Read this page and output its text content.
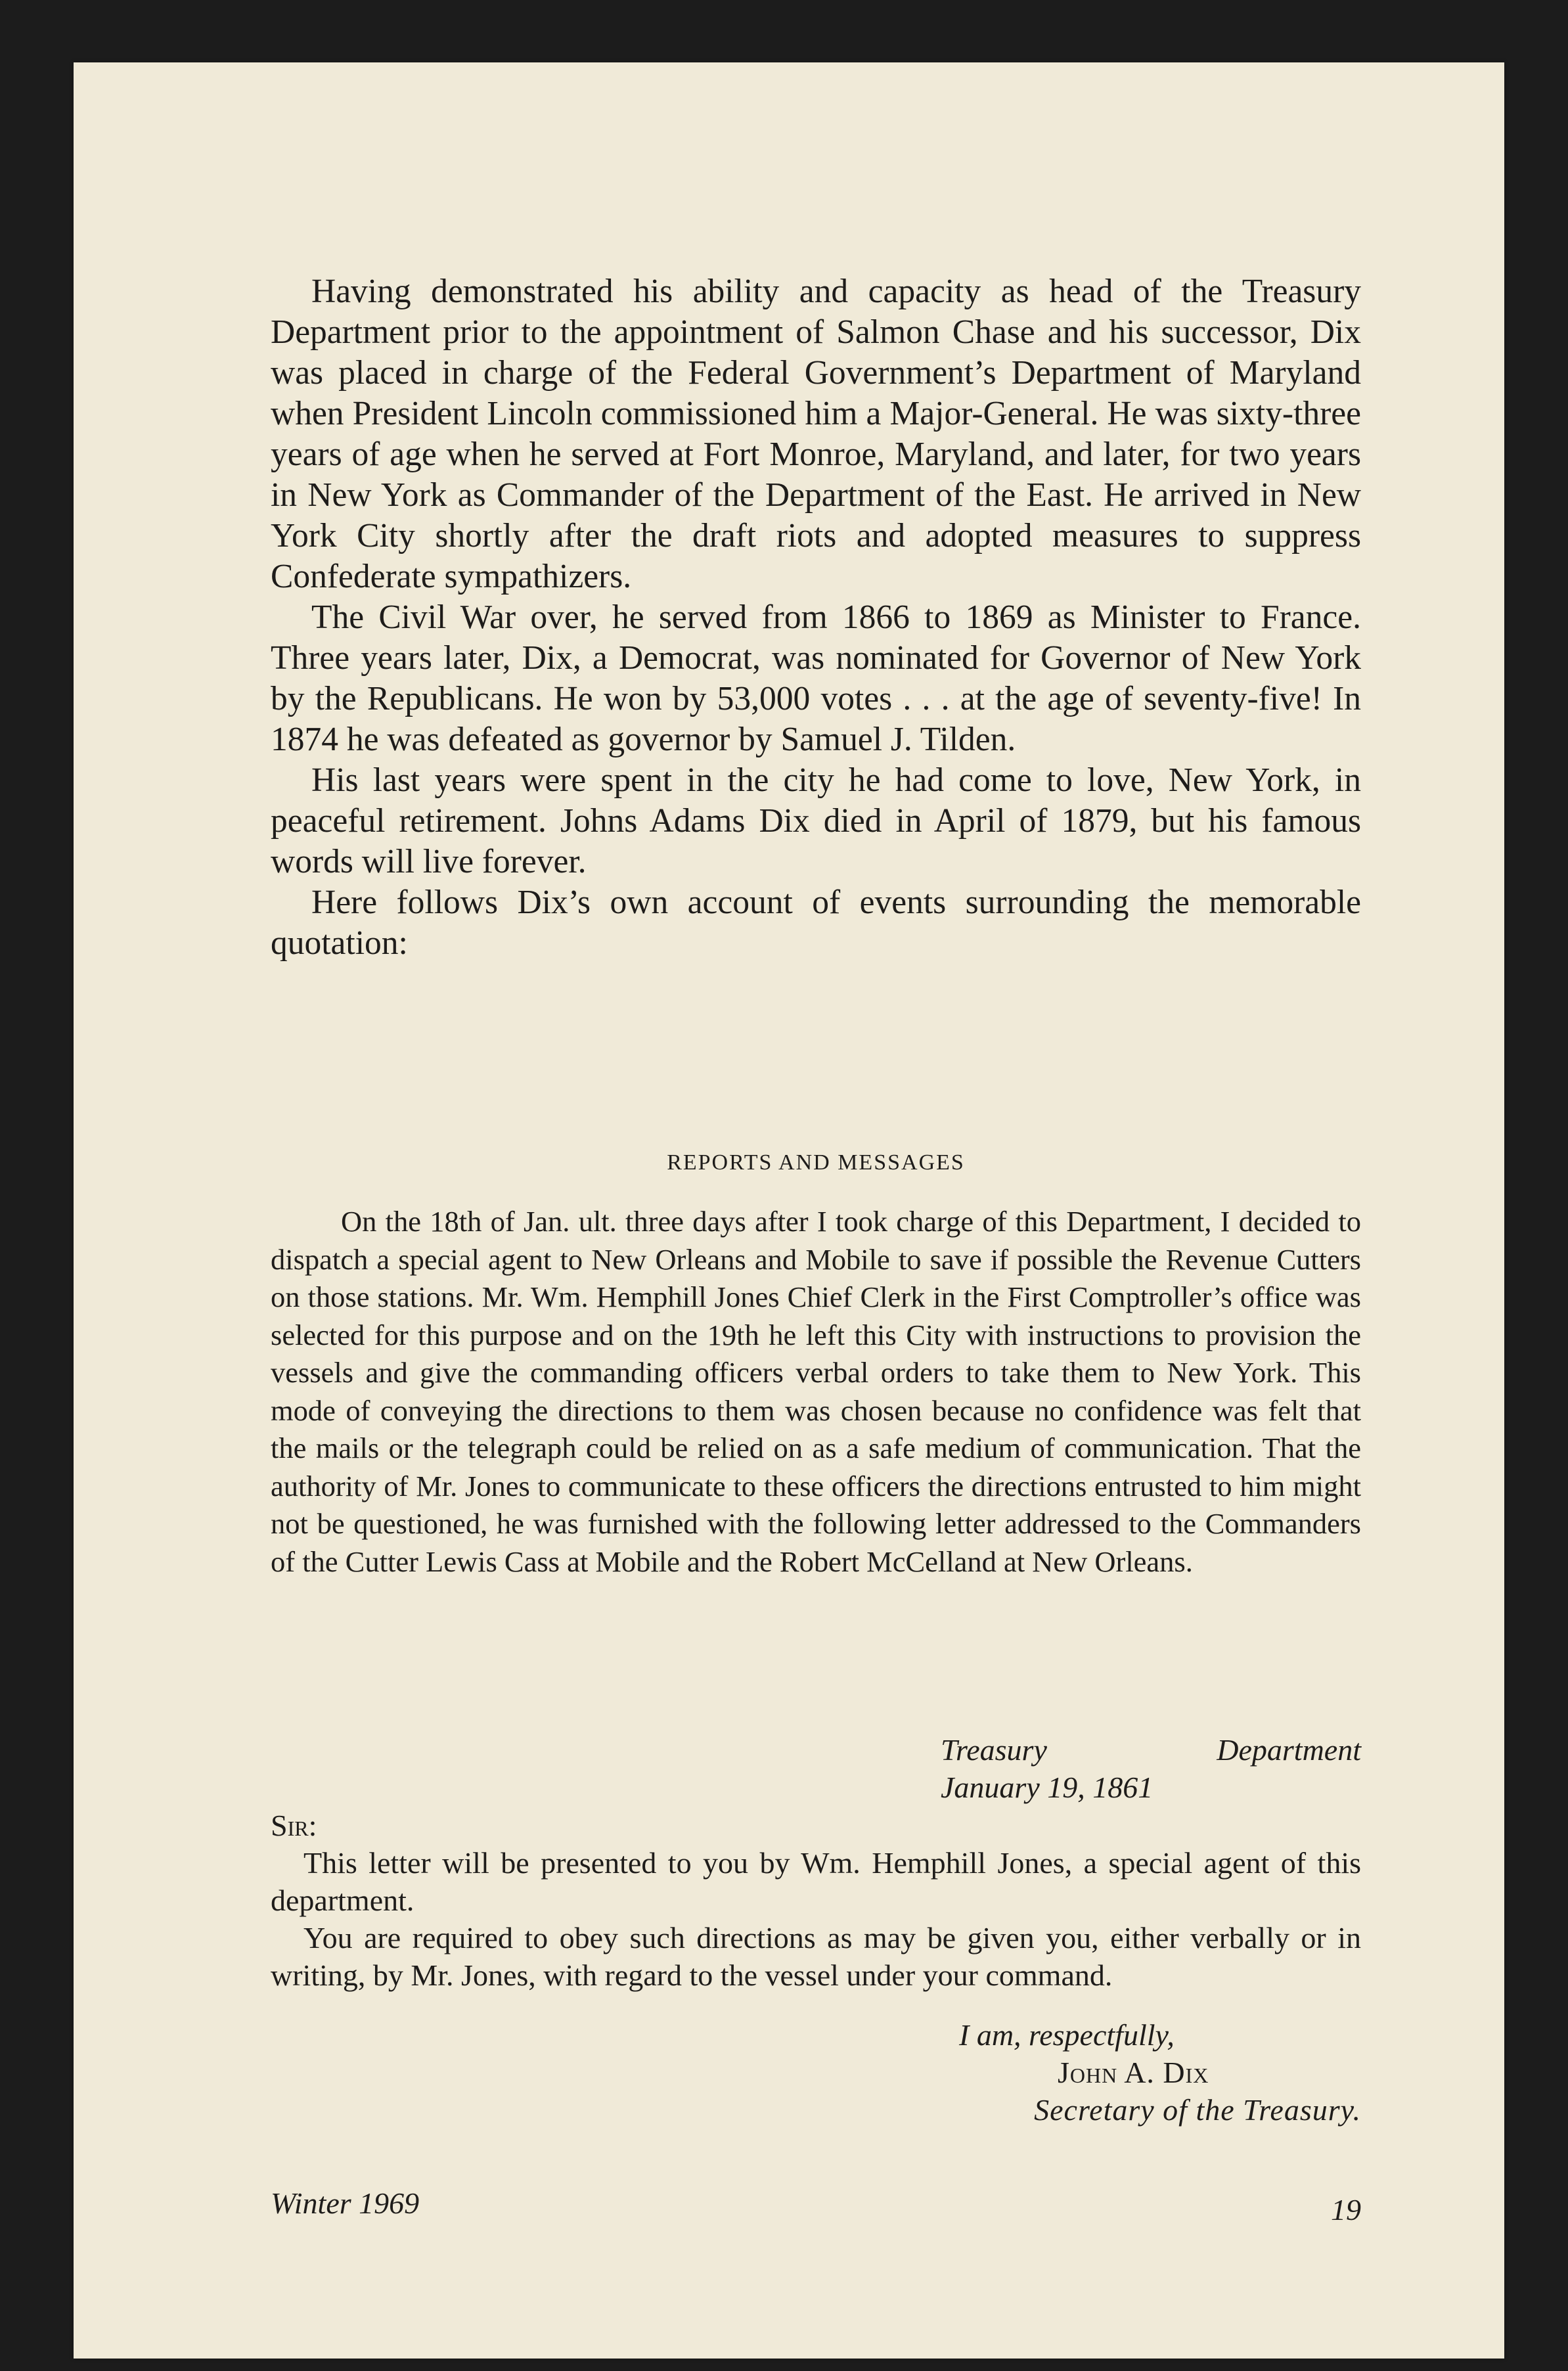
Having demonstrated his ability and capacity as head of the Treasury Department prior to the appointment of Salmon Chase and his successor, Dix was placed in charge of the Federal Government’s Department of Maryland when President Lincoln commissioned him a Major-General. He was sixty-three years of age when he served at Fort Monroe, Maryland, and later, for two years in New York as Commander of the Department of the East. He arrived in New York City shortly after the draft riots and adopted measures to suppress Confederate sympathizers.

The Civil War over, he served from 1866 to 1869 as Minister to France. Three years later, Dix, a Democrat, was nominated for Governor of New York by the Republicans. He won by 53,000 votes . . . at the age of seventy-five! In 1874 he was defeated as governor by Samuel J. Tilden.

His last years were spent in the city he had come to love, New York, in peaceful retirement. Johns Adams Dix died in April of 1879, but his famous words will live forever.

Here follows Dix’s own account of events surrounding the memorable quotation:

REPORTS AND MESSAGES

On the 18th of Jan. ult. three days after I took charge of this Department, I decided to dispatch a special agent to New Orleans and Mobile to save if possible the Revenue Cutters on those stations. Mr. Wm. Hemphill Jones Chief Clerk in the First Comptroller’s office was selected for this purpose and on the 19th he left this City with instructions to provision the vessels and give the commanding officers verbal orders to take them to New York. This mode of conveying the directions to them was chosen because no confidence was felt that the mails or the telegraph could be relied on as a safe medium of communication. That the authority of Mr. Jones to communicate to these officers the directions entrusted to him might not be questioned, he was furnished with the following letter addressed to the Commanders of the Cutter Lewis Cass at Mobile and the Robert McCelland at New Orleans.

Treasury Department
January 19, 1861
Sir:

This letter will be presented to you by Wm. Hemphill Jones, a special agent of this department.

You are required to obey such directions as may be given you, either verbally or in writing, by Mr. Jones, with regard to the vessel under your command.

I am, respectfully,
John A. Dix
Secretary of the Treasury.
Winter 1969	19
